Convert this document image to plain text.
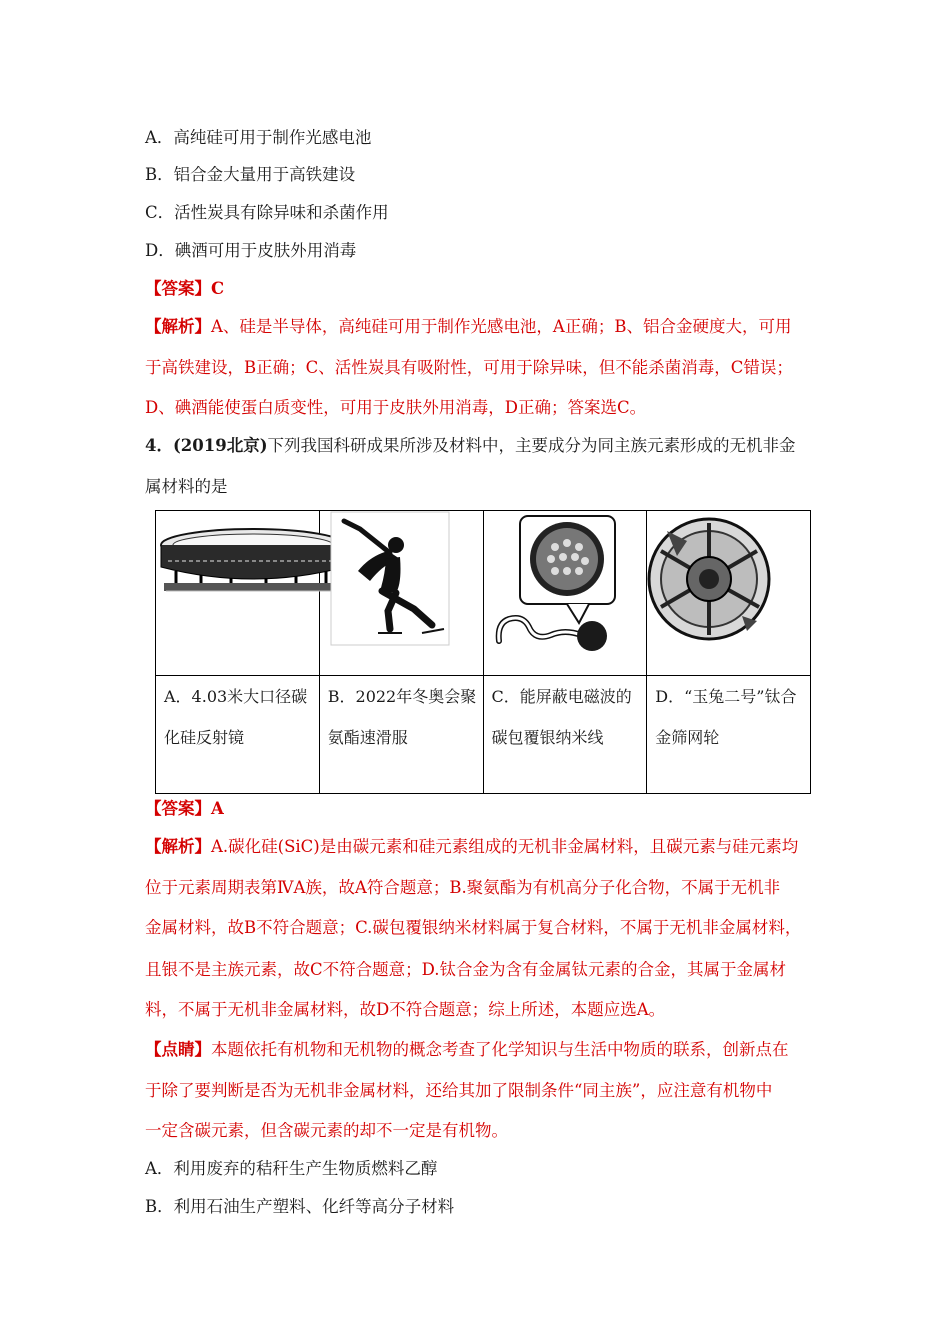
A．高纯硅可用于制作光感电池
B．铝合金大量用于高铁建设
C．活性炭具有除异味和杀菌作用
D．碘酒可用于皮肤外用消毒
【答案】C
【解析】A、硅是半导体，高纯硅可用于制作光感电池，A正确；B、铝合金硬度大，可用
于高铁建设，B正确；C、活性炭具有吸附性，可用于除异味，但不能杀菌消毒，C错误；
D、碘酒能使蛋白质变性，可用于皮肤外用消毒，D正确；答案选C。
4．(2019北京)下列我国科研成果所涉及材料中，主要成分为同主族元素形成的无机非金
属材料的是

A．4.03米大口径碳化硅反射镜	B．2022年冬奥会聚氨酯速滑服	C．能屏蔽电磁波的碳包覆银纳米线	D．“玉兔二号”钛合金筛网轮
【答案】A
【解析】A.碳化硅(SiC)是由碳元素和硅元素组成的无机非金属材料，且碳元素与硅元素均
位于元素周期表第ⅣA族，故A符合题意；B.聚氨酯为有机高分子化合物，不属于无机非
金属材料，故B不符合题意；C.碳包覆银纳米材料属于复合材料，不属于无机非金属材料，
且银不是主族元素，故C不符合题意；D.钛合金为含有金属钛元素的合金，其属于金属材
料，不属于无机非金属材料，故D不符合题意；综上所述，本题应选A。
【点睛】本题依托有机物和无机物的概念考查了化学知识与生活中物质的联系，创新点在
于除了要判断是否为无机非金属材料，还给其加了限制条件“同主族”，应注意有机物中
一定含碳元素，但含碳元素的却不一定是有机物。
A．利用废弃的秸秆生产生物质燃料乙醇
B．利用石油生产塑料、化纤等高分子材料
